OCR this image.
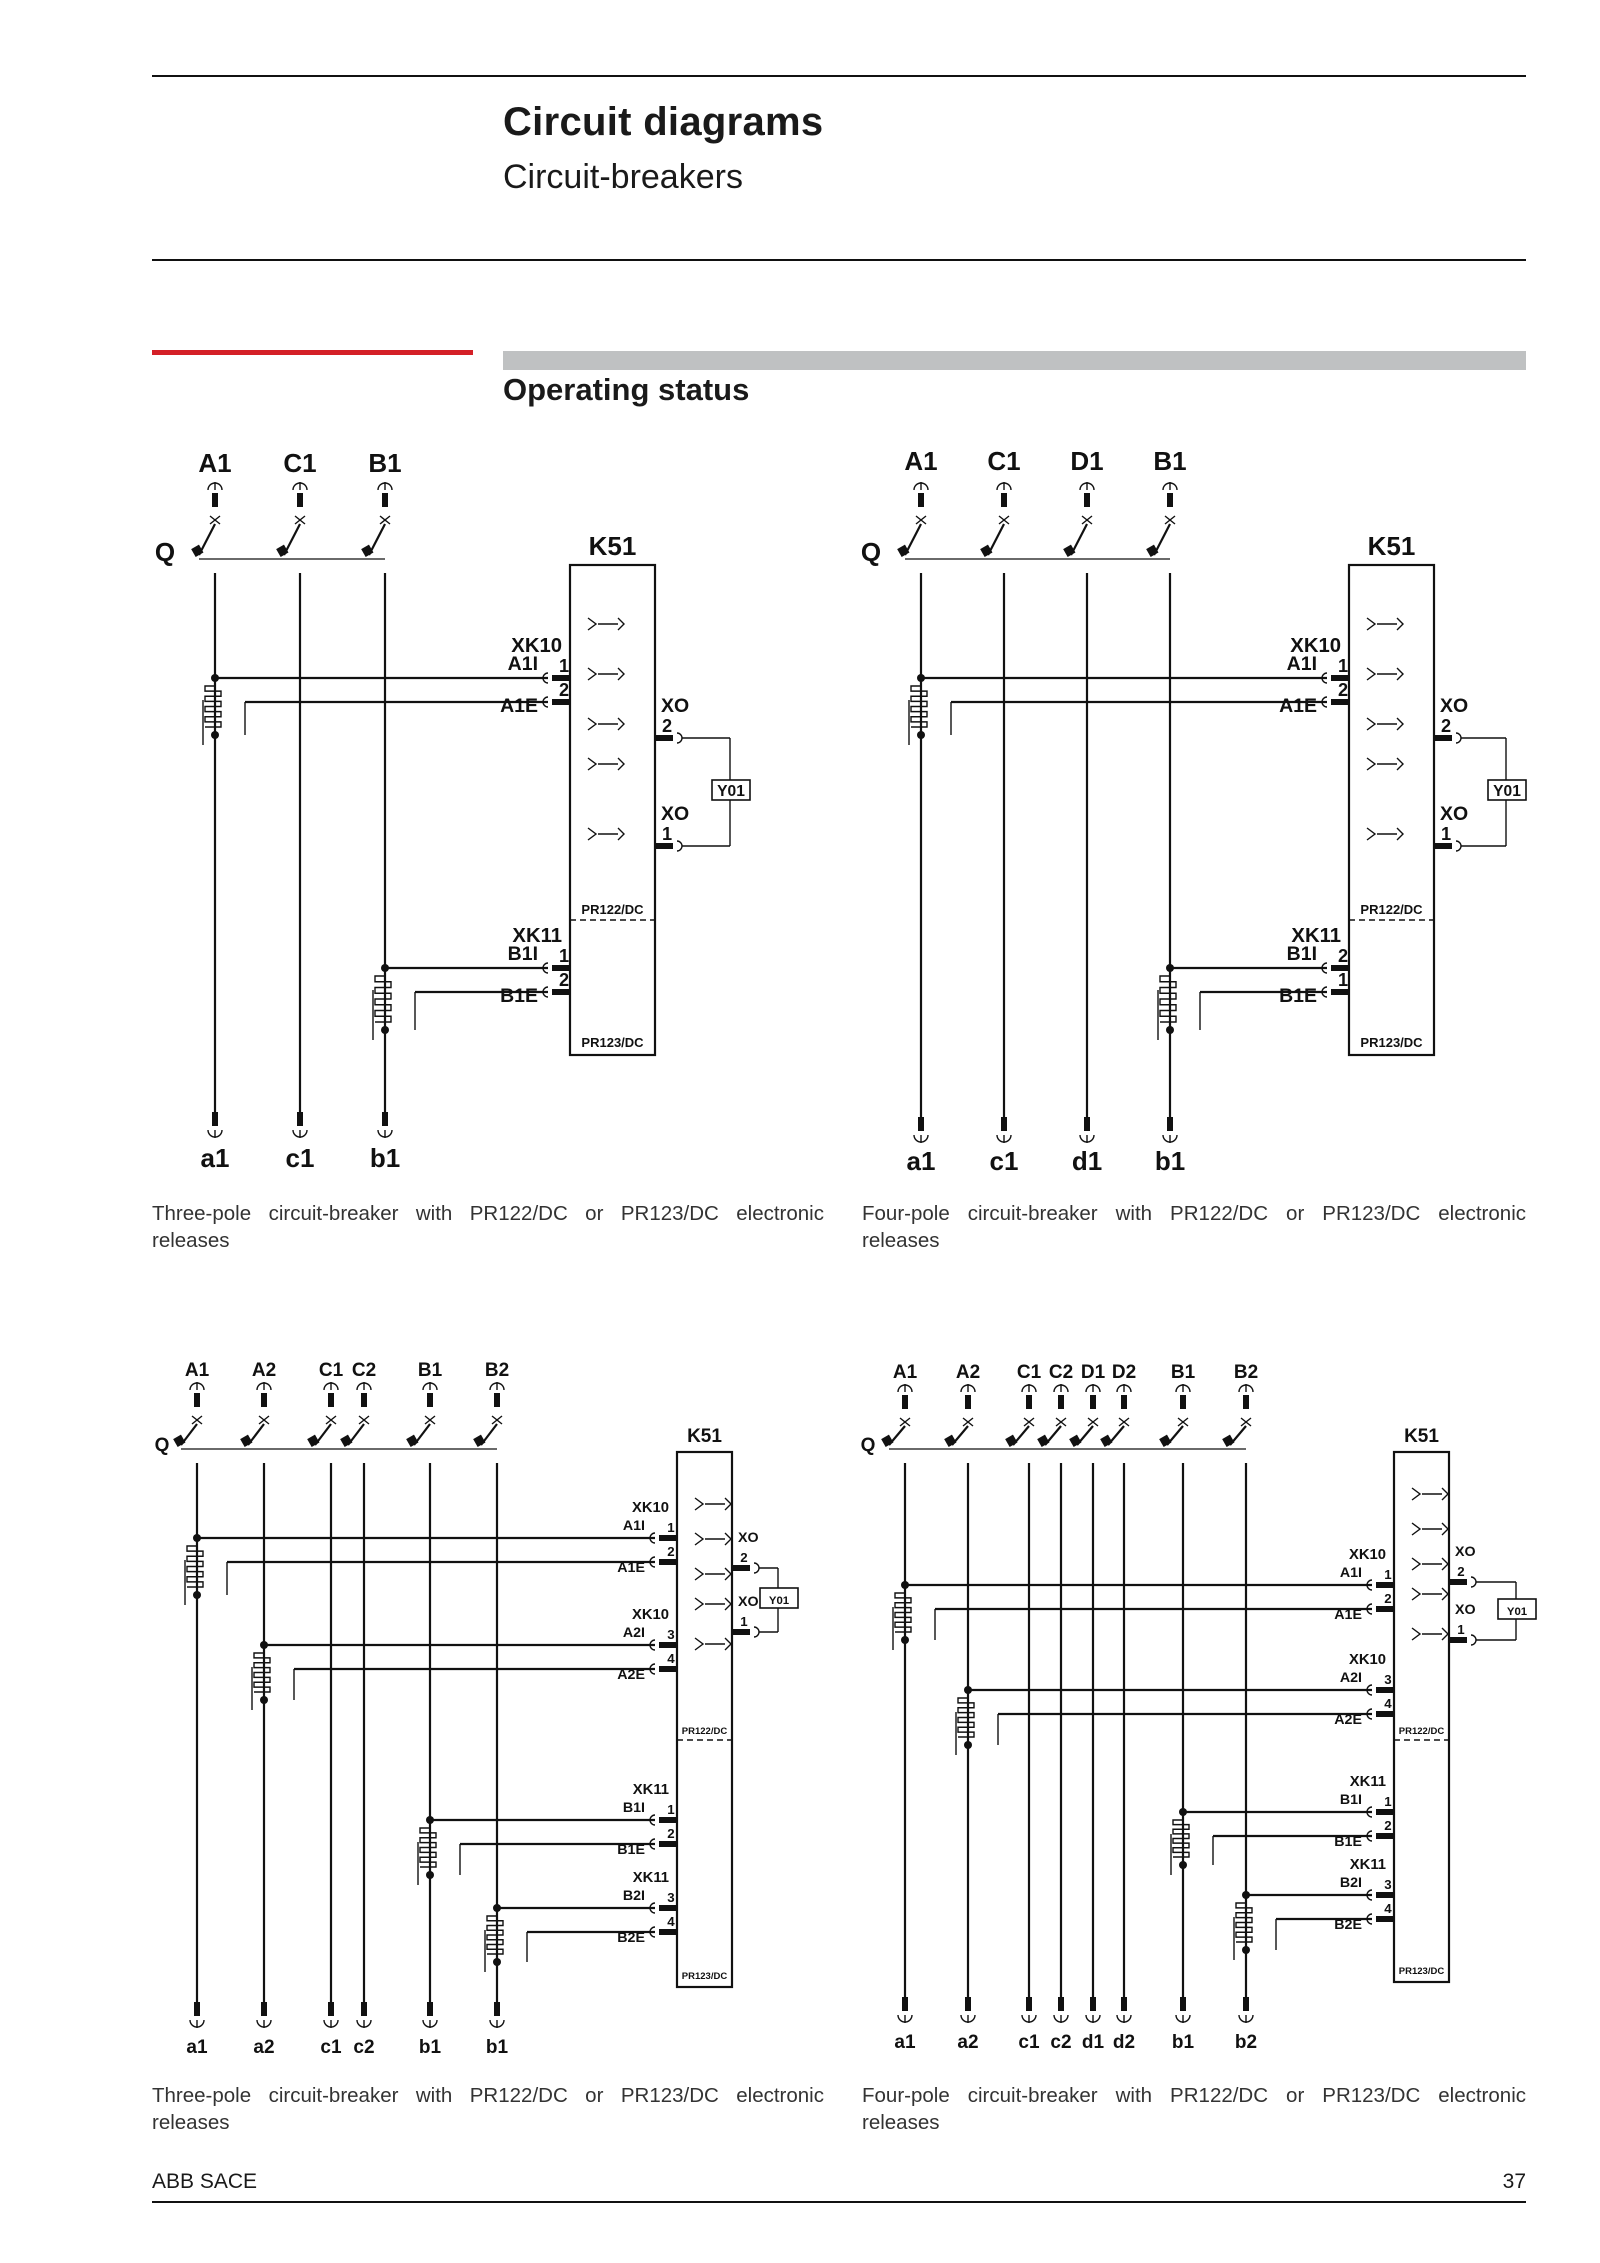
Circuit diagrams
Circuit-breakers
Operating status
A1
a1
C1
c1
B1
b1
Q	K51
PR122/DC
PR123/DC
1
2
A1I
A1E
XK10
1
2
B1I
B1E
XK11
XO
2
XO
1
Y01
A1
a1
C1
c1
D1
d1
B1
b1
Q	K51
PR122/DC
PR123/DC
1
2
A1I
A1E
XK10
2
1
B1I
B1E
XK11
XO
2
XO
1
Y01
A1
a1
A2
a2
C1
c1
C2
c2
B1
b1
B2
b1
Q	K51
PR122/DC
PR123/DC
1
2
A1I
A1E
XK10
3
4
A2I
A2E
XK10
1
2
B1I
B1E
XK11
3
4
B2I
B2E
XK11
XO
2
XO
1
Y01
A1
a1
A2
a2
C1
c1
C2
c2
D1
d1
D2
d2
B1
b1
B2
b2
Q	K51
PR122/DC
PR123/DC
1
2
A1I
A1E
XK10
3
4
A2I
A2E
XK10
1
2
B1I
B1E
XK11
3
4
B2I
B2E
XK11
XO
2
XO
1
Y01
Three-pole circuit-breaker with PR122/DC or PR123/DC electronic releases
Four-pole circuit-breaker with PR122/DC or PR123/DC electronic releases
Three-pole circuit-breaker with PR122/DC or PR123/DC electronic releases
Four-pole circuit-breaker with PR122/DC or PR123/DC electronic releases
ABB SACE	37
